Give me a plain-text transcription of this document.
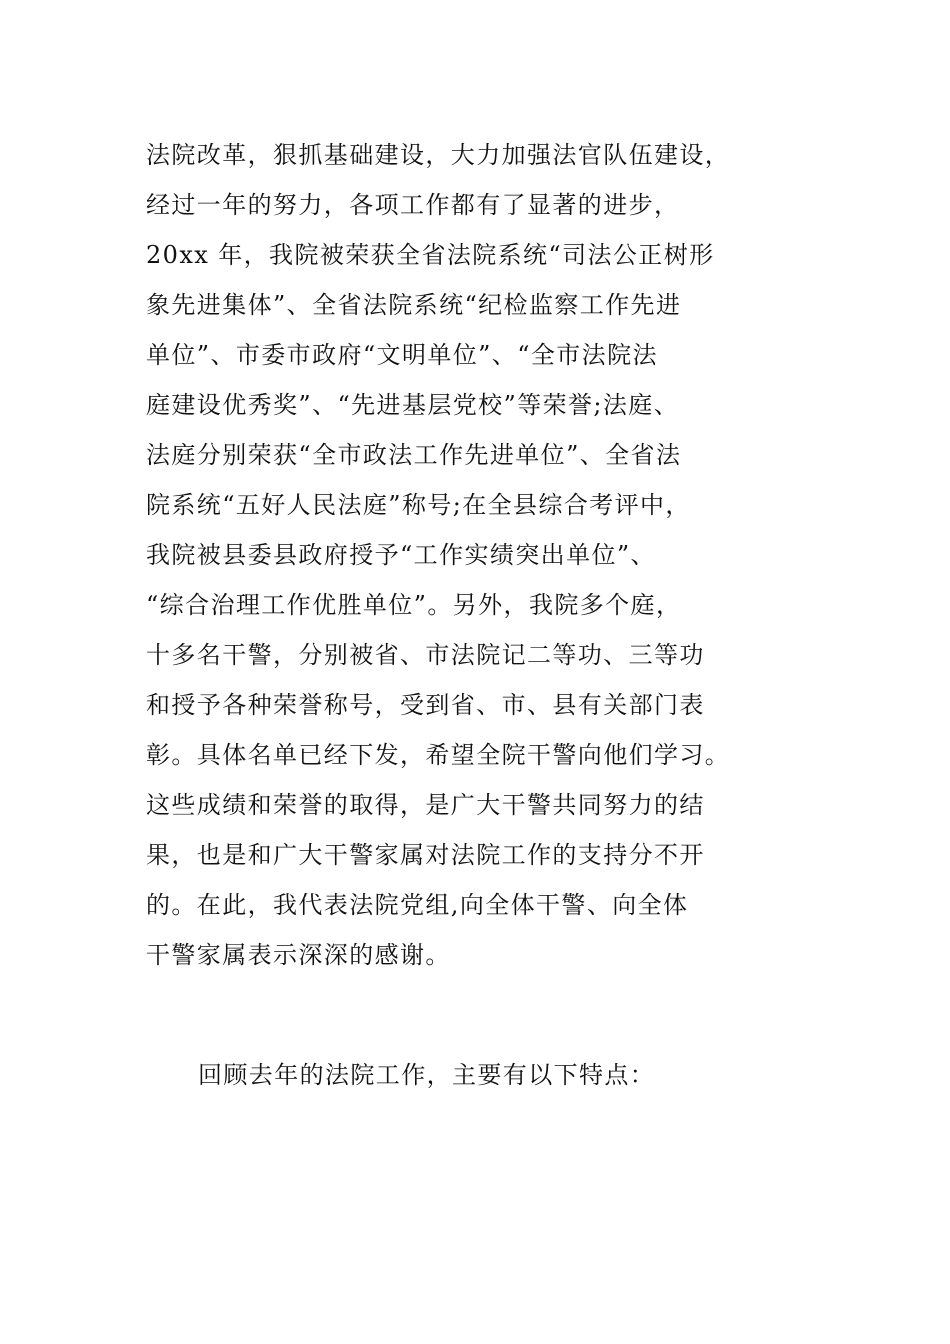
法院改革，狠抓基础建设，大力加强法官队伍建设，
经过一年的努力，各项工作都有了显著的进步，
20xx 年，我院被荣获全省法院系统“司法公正树形
象先进集体”、全省法院系统“纪检监察工作先进
单位”、市委市政府“文明单位”、“全市法院法
庭建设优秀奖”、“先进基层党校”等荣誉;法庭、
法庭分别荣获“全市政法工作先进单位”、全省法
院系统“五好人民法庭”称号;在全县综合考评中，
我院被县委县政府授予“工作实绩突出单位”、
“综合治理工作优胜单位”。另外，我院多个庭，
十多名干警，分别被省、市法院记二等功、三等功
和授予各种荣誉称号，受到省、市、县有关部门表
彰。具体名单已经下发，希望全院干警向他们学习。
这些成绩和荣誉的取得，是广大干警共同努力的结
果，也是和广大干警家属对法院工作的支持分不开
的。在此，我代表法院党组,向全体干警、向全体
干警家属表示深深的感谢。
回顾去年的法院工作，主要有以下特点：
